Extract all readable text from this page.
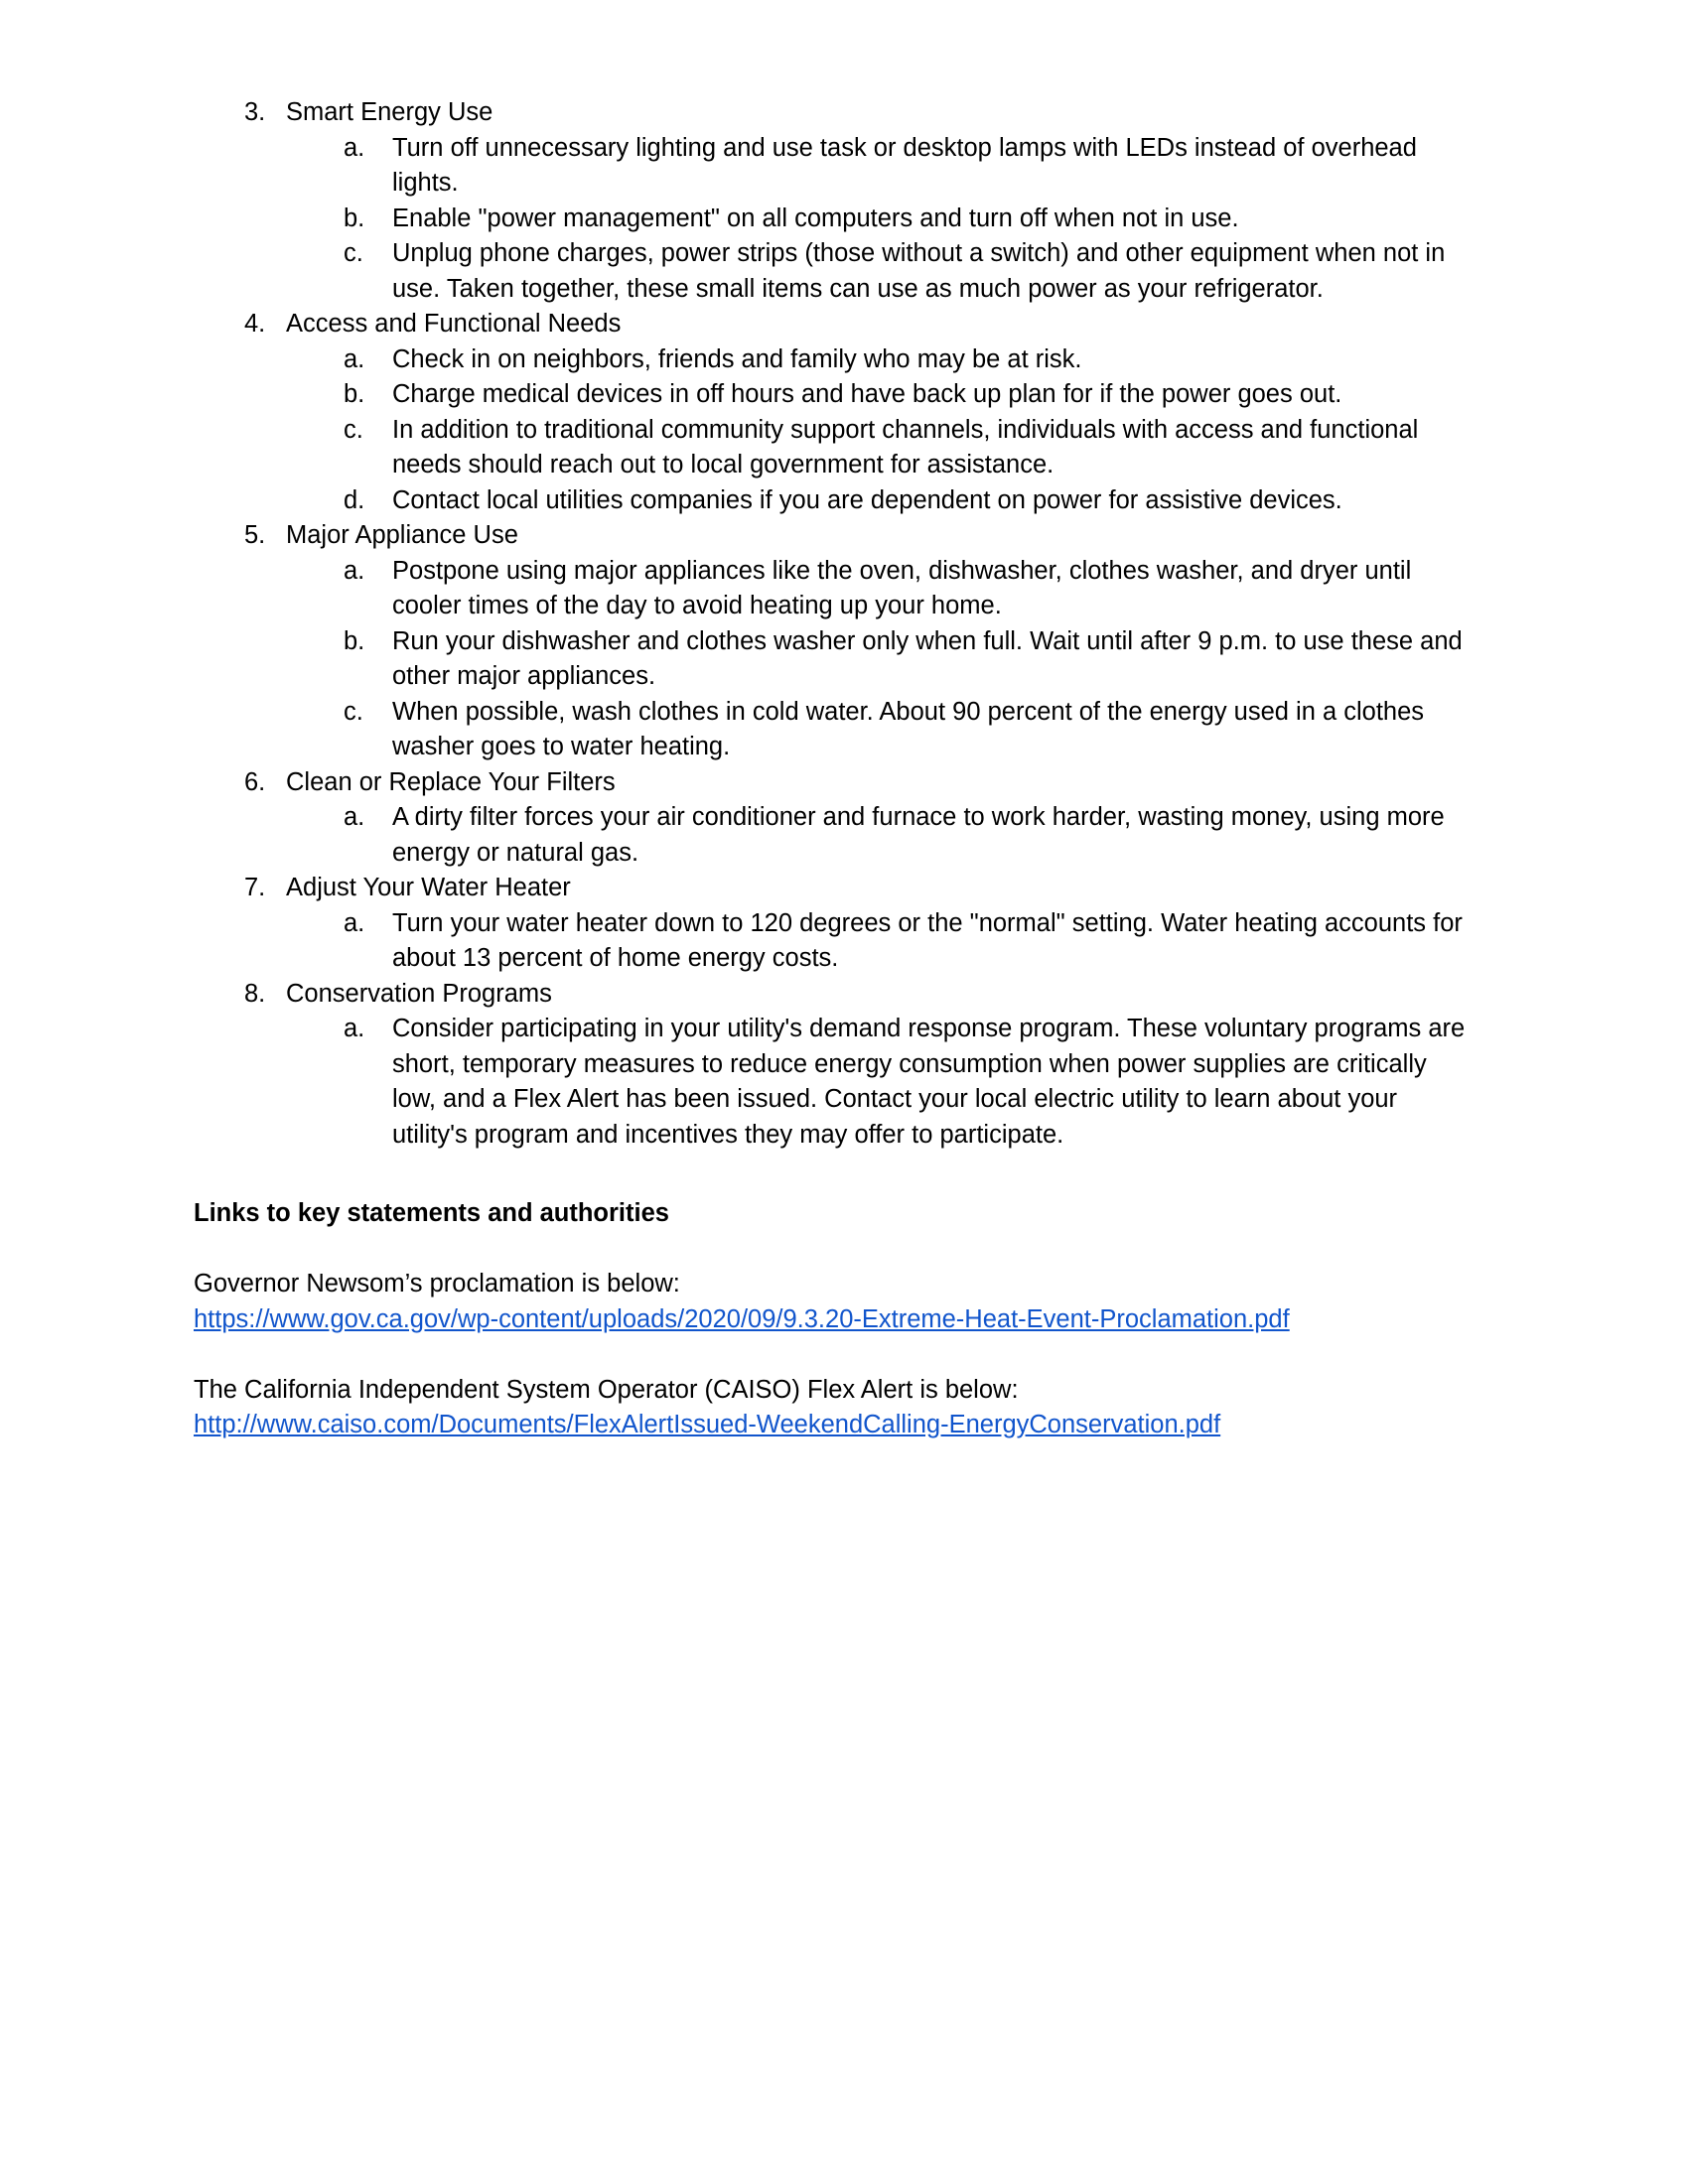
3. Smart Energy Use
a.	Turn off unnecessary lighting and use task or desktop lamps with LEDs instead of overhead lights.
b.	Enable "power management" on all computers and turn off when not in use.
c.	Unplug phone charges, power strips (those without a switch) and other equipment when not in use. Taken together, these small items can use as much power as your refrigerator.
4. Access and Functional Needs
a.	Check in on neighbors, friends and family who may be at risk.
b.	Charge medical devices in off hours and have back up plan for if the power goes out.
c.	In addition to traditional community support channels, individuals with access and functional needs should reach out to local government for assistance.
d.	Contact local utilities companies if you are dependent on power for assistive devices.
5. Major Appliance Use
a.	Postpone using major appliances like the oven, dishwasher, clothes washer, and dryer until cooler times of the day to avoid heating up your home.
b.	Run your dishwasher and clothes washer only when full. Wait until after 9 p.m. to use these and other major appliances.
c.	When possible, wash clothes in cold water. About 90 percent of the energy used in a clothes washer goes to water heating.
6. Clean or Replace Your Filters
a.	A dirty filter forces your air conditioner and furnace to work harder, wasting money, using more energy or natural gas.
7. Adjust Your Water Heater
a.	Turn your water heater down to 120 degrees or the "normal" setting. Water heating accounts for about 13 percent of home energy costs.
8. Conservation Programs
a.	Consider participating in your utility's demand response program. These voluntary programs are short, temporary measures to reduce energy consumption when power supplies are critically low, and a Flex Alert has been issued. Contact your local electric utility to learn about your utility's program and incentives they may offer to participate.
Links to key statements and authorities
Governor Newsom’s proclamation is below:
https://www.gov.ca.gov/wp-content/uploads/2020/09/9.3.20-Extreme-Heat-Event-Proclamation.pdf
The California Independent System Operator (CAISO) Flex Alert is below:
http://www.caiso.com/Documents/FlexAlertIssued-WeekendCalling-EnergyConservation.pdf
